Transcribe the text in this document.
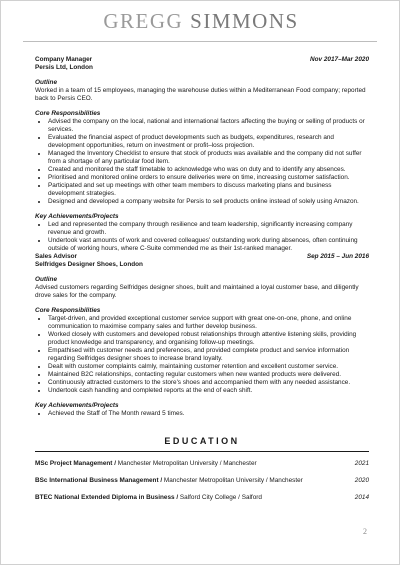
GREGG SIMMONS
Company Manager	Nov 2017–Mar 2020
Persis Ltd, London
Outline
Worked in a team of 15 employees, managing the warehouse duties within a Mediterranean Food company; reported back to Persis CEO.
Core Responsibilities
Advised the company on the local, national and international factors affecting the buying or selling of products or services.
Evaluated the financial aspect of product developments such as budgets, expenditures, research and development opportunities, return on investment or profit–loss projection.
Managed the Inventory Checklist to ensure that stock of products was available and the company did not suffer from a shortage of any particular food item.
Created and monitored the staff timetable to acknowledge who was on duty and to identify any absences.
Prioritised and monitored online orders to ensure deliveries were on time, increasing customer satisfaction.
Participated and set up meetings with other team members to discuss marketing plans and business development strategies.
Designed and developed a company website for Persis to sell products online instead of solely using Amazon.
Key Achievements/Projects
Led and represented the company through resilience and team leadership, significantly increasing company revenue and growth.
Undertook vast amounts of work and covered colleagues' outstanding work during absences, often continuing outside of working hours, where C-Suite commended me as their 1st-ranked manager.
Sales Advisor	Sep 2015 – Jun 2016
Selfridges Designer Shoes, London
Outline
Advised customers regarding Selfridges designer shoes, built and maintained a loyal customer base, and diligently drove sales for the company.
Core Responsibilities
Target-driven, and provided exceptional customer service support with great one-on-one, phone, and online communication to maximise company sales and further develop business.
Worked closely with customers and developed robust relationships through attentive listening skills, providing product knowledge and transparency, and organising follow-up meetings.
Empathised with customer needs and preferences, and provided complete product and service information regarding Selfridges designer shoes to increase brand loyalty.
Dealt with customer complaints calmly, maintaining customer retention and excellent customer service.
Maintained B2C relationships, contacting regular customers when new wanted products were delivered.
Continuously attracted customers to the store's shoes and accompanied them with any needed assistance.
Undertook cash handling and completed reports at the end of each shift.
Key Achievements/Projects
Achieved the Staff of The Month reward 5 times.
EDUCATION
MSc Project Management / Manchester Metropolitan University / Manchester	2021
BSc International Business Management / Manchester Metropolitan University / Manchester	2020
BTEC National Extended Diploma in Business / Salford City College / Salford	2014
2
